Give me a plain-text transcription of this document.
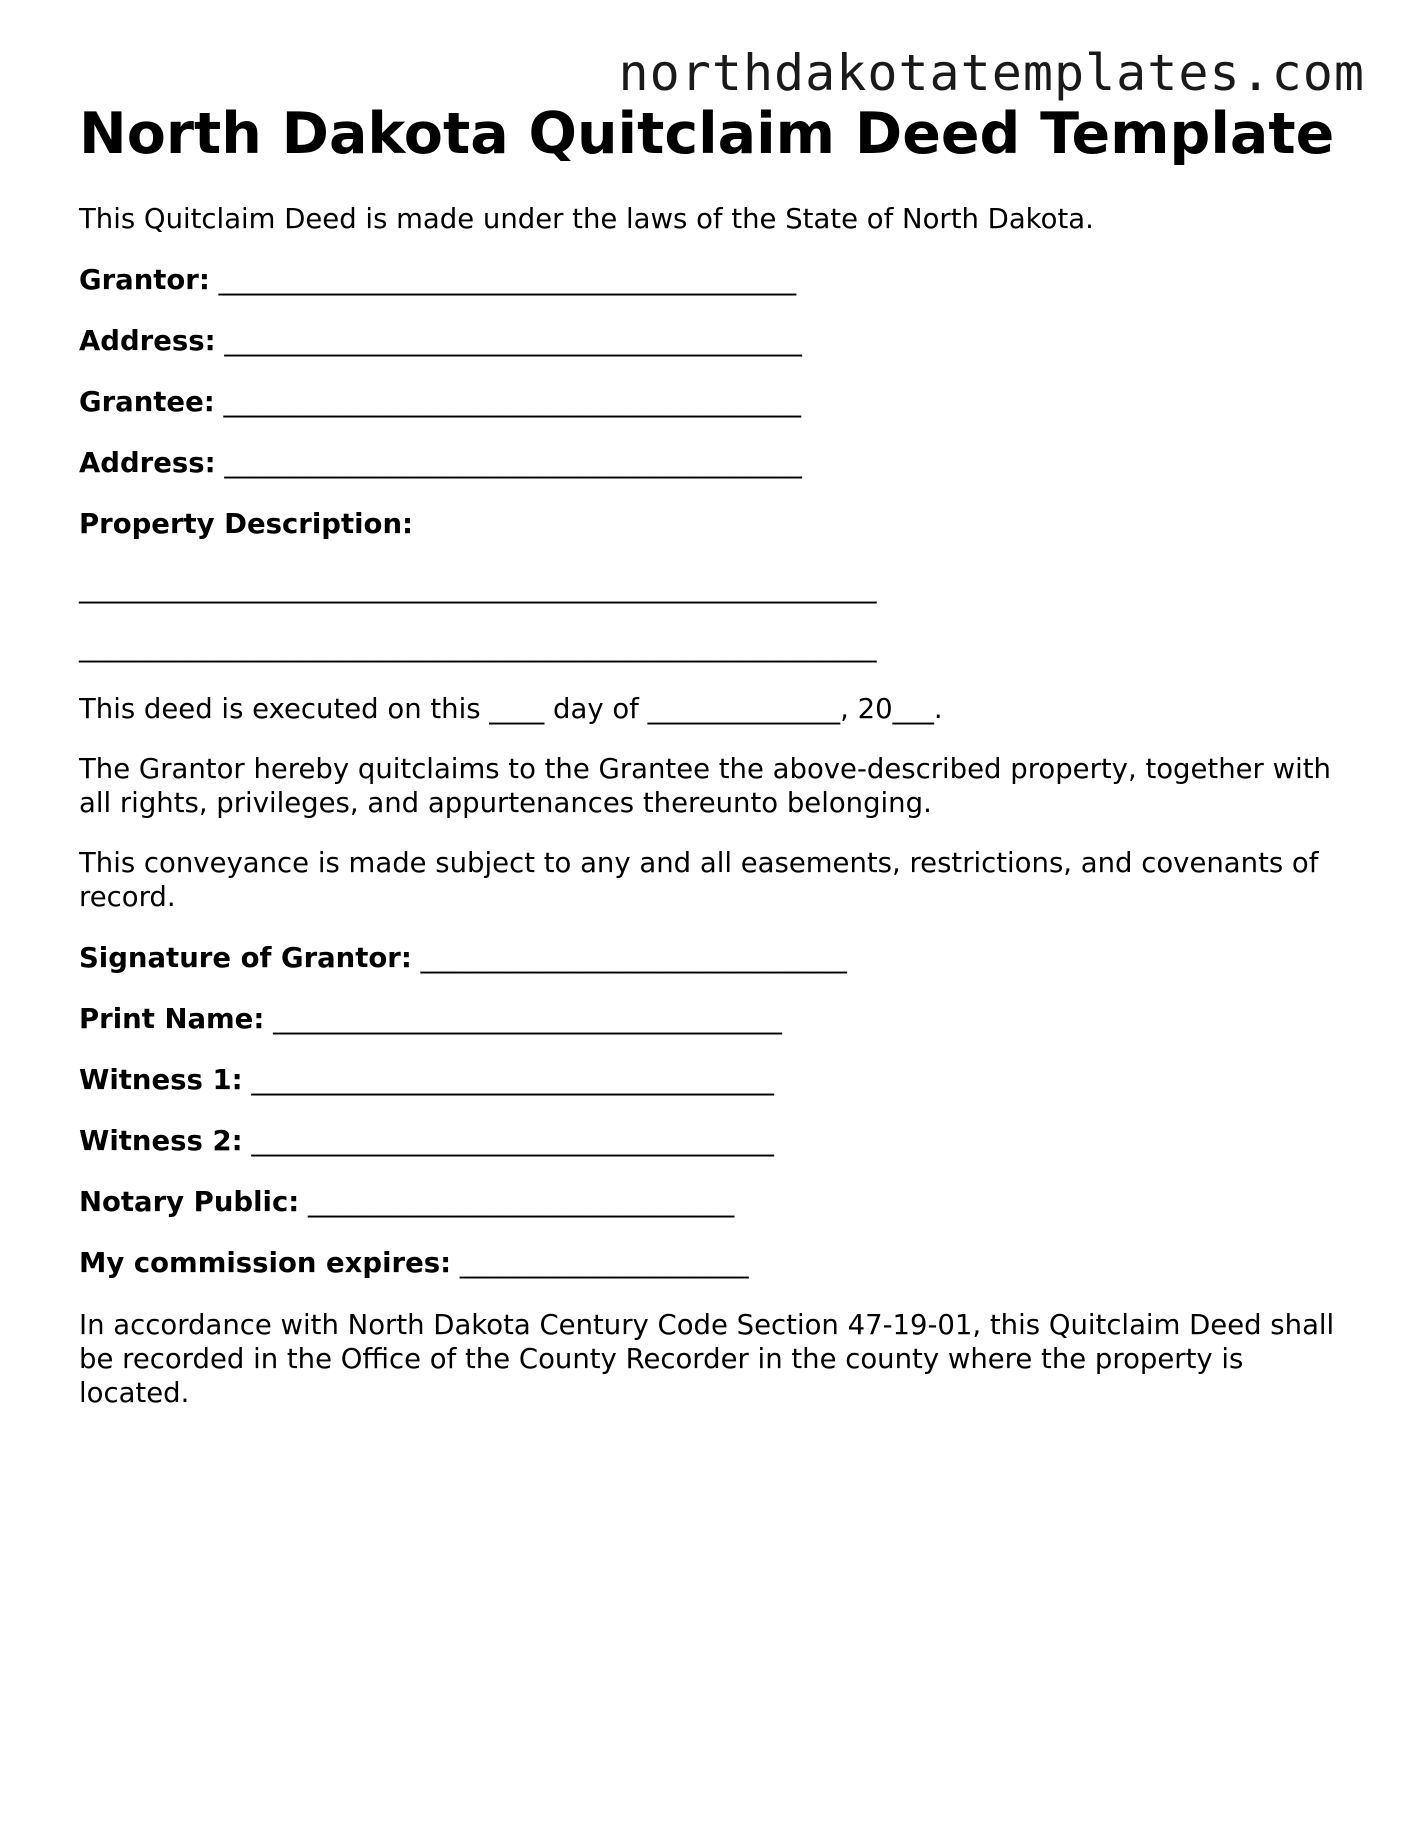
northdakotatemplates.com
North Dakota Quitclaim Deed Template

This Quitclaim Deed is made under the laws of the State of North Dakota.

Grantor: __________________________________________

Address: __________________________________________

Grantee: __________________________________________

Address: __________________________________________

Property Description:

__________________________________________________________

__________________________________________________________

This deed is executed on this ____ day of ______________, 20___.

The Grantor hereby quitclaims to the Grantee the above-described property, together with all rights, privileges, and appurtenances thereunto belonging.

This conveyance is made subject to any and all easements, restrictions, and covenants of record.

Signature of Grantor: _______________________________

Print Name: _____________________________________

Witness 1: ______________________________________

Witness 2: ______________________________________

Notary Public: _______________________________

My commission expires: _____________________

In accordance with North Dakota Century Code Section 47-19-01, this Quitclaim Deed shall be recorded in the Office of the County Recorder in the county where the property is located.
